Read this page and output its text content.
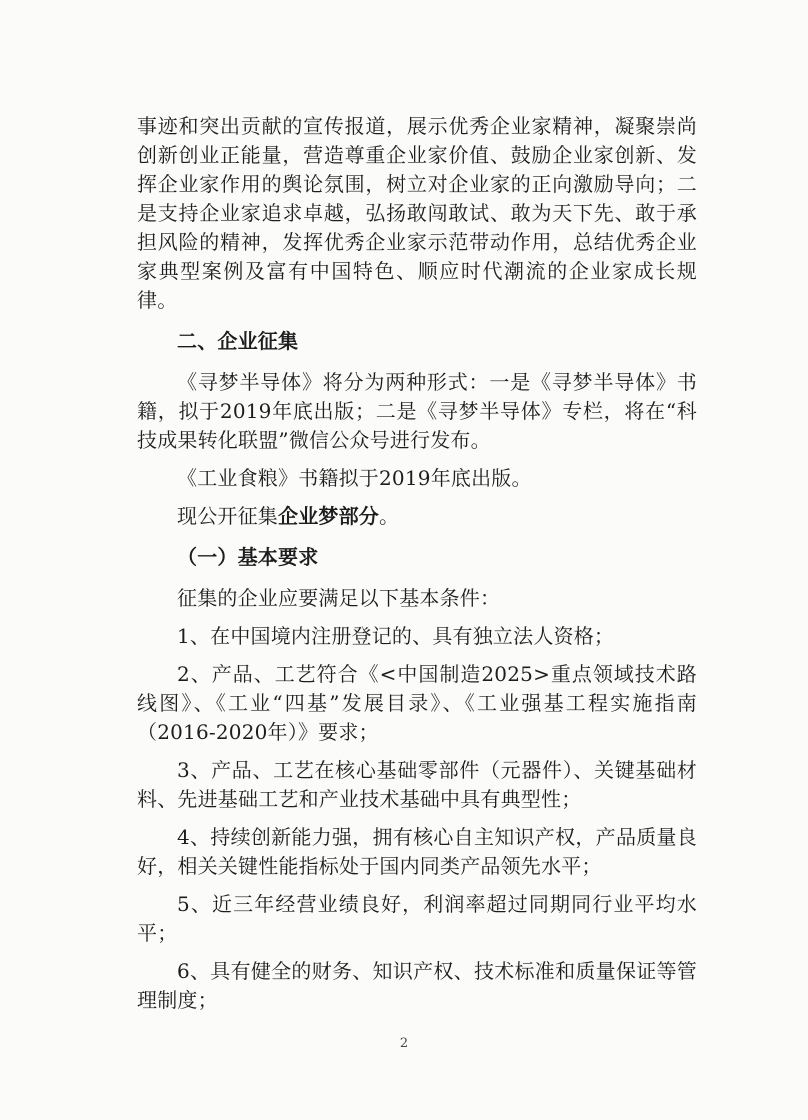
事迹和突出贡献的宣传报道，展示优秀企业家精神，凝聚崇尚创新创业正能量，营造尊重企业家价值、鼓励企业家创新、发挥企业家作用的舆论氛围，树立对企业家的正向激励导向；二是支持企业家追求卓越，弘扬敢闯敢试、敢为天下先、敢于承担风险的精神，发挥优秀企业家示范带动作用，总结优秀企业家典型案例及富有中国特色、顺应时代潮流的企业家成长规律。

二、企业征集

《寻梦半导体》将分为两种形式：一是《寻梦半导体》书籍，拟于2019年底出版；二是《寻梦半导体》专栏，将在“科技成果转化联盟”微信公众号进行发布。

《工业食粮》书籍拟于2019年底出版。

现公开征集企业梦部分。

（一）基本要求

征集的企业应要满足以下基本条件：

1、在中国境内注册登记的、具有独立法人资格；

2、产品、工艺符合《<中国制造2025>重点领域技术路线图》、《工业“四基”发展目录》、《工业强基工程实施指南（2016-2020年）》要求；

3、产品、工艺在核心基础零部件（元器件）、关键基础材料、先进基础工艺和产业技术基础中具有典型性；

4、持续创新能力强，拥有核心自主知识产权，产品质量良好，相关关键性能指标处于国内同类产品领先水平；

5、近三年经营业绩良好，利润率超过同期同行业平均水平；

6、具有健全的财务、知识产权、技术标准和质量保证等管理制度；

2
